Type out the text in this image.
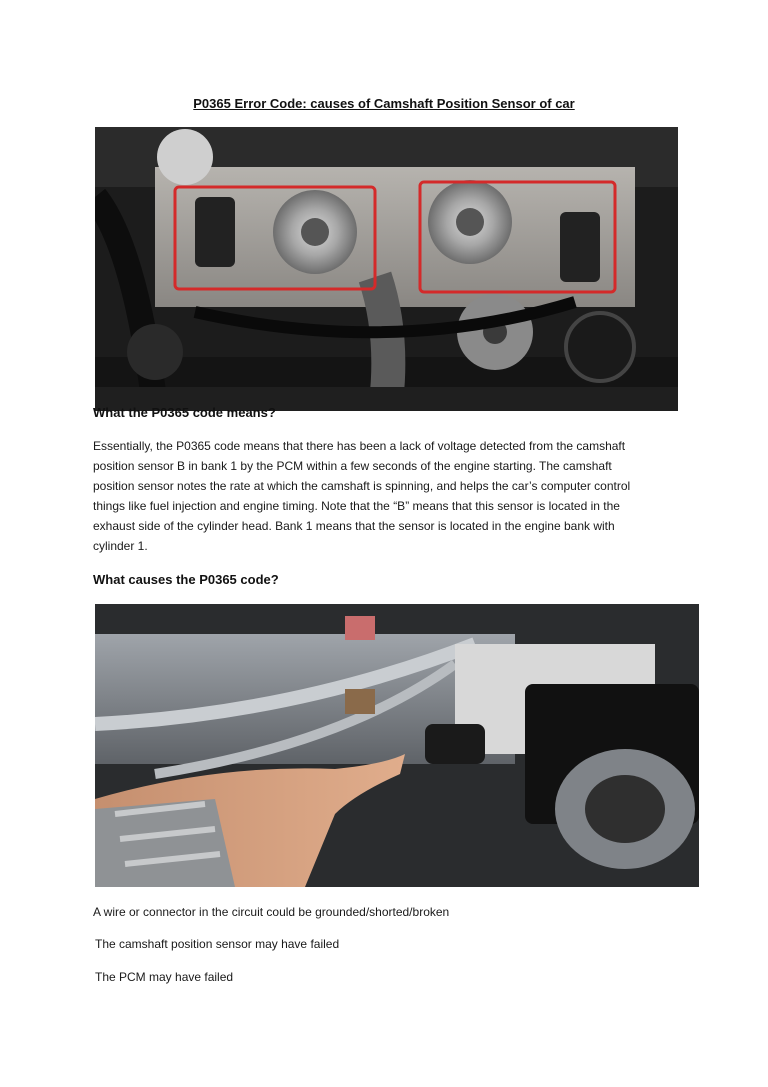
P0365 Error Code: causes of Camshaft Position Sensor of car
What the P0365 code means?

Essentially, the P0365 code means that there has been a lack of voltage detected from the camshaft position sensor B in bank 1 by the PCM within a few seconds of the engine starting. The camshaft position sensor notes the rate at which the camshaft is spinning, and helps the car’s computer control things like fuel injection and engine timing. Note that the “B” means that this sensor is located in the exhaust side of the cylinder head. Bank 1 means that the sensor is located in the engine bank with cylinder 1.

What causes the P0365 code?
A wire or connector in the circuit could be grounded/shorted/broken
The camshaft position sensor may have failed
The PCM may have failed
